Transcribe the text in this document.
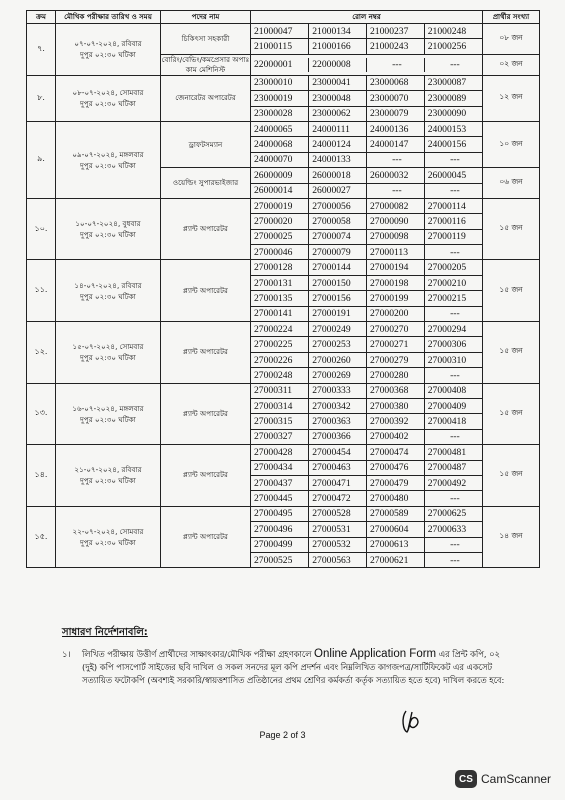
ক্রম	মৌখিক পরীক্ষার তারিখ ও সময়	পদের নাম	রোল নম্বর	প্রার্থীর সংখ্যা
৭.	০৭-০৭-২০২৪, রবিবার
দুপুর ০২:৩০ ঘটিকা
	চিকিৎসা সহকারী	
21000047	21000134	21000237	21000248
21000115	21000166	21000243	21000256
	০৮ জন
বোরিং/বেভিং/কমপ্রেসার অপাঃ কাম মেশিনিস্ট		22000001	22000008	---	---
		০২ জন
৮.	০৮-০৭-২০২৪, সোমবার
দুপুর ০২:৩০ ঘটিকা
	জেনারেটর অপারেটর	
23000010	23000041	23000068	23000087
23000019	23000048	23000070	23000089
23000028	23000062	23000079	23000090
	১২ জন
৯.	০৯-০৭-২০২৪, মঙ্গলবার
দুপুর ০২:৩০ ঘটিকা
	ড্রাফটসম্যান	
24000065	24000111	24000136	24000153
24000068	24000124	24000147	24000156
24000070	24000133	---	---
	১০ জন
ওয়েল্ডিং সুপারভাইজার	
26000009	26000018	26000032	26000045
26000014	26000027	---	---
	০৬ জন
১০.	১০-০৭-২০২৪, বুধবার
দুপুর ০২:৩০ ঘটিকা
	প্ল্যান্ট অপারেটর	
27000019	27000056	27000082	27000114
27000020	27000058	27000090	27000116
27000025	27000074	27000098	27000119
27000046	27000079	27000113	---
	১৫ জন
১১.	১৪-০৭-২০২৪, রবিবার
দুপুর ০২:৩০ ঘটিকা
	প্ল্যান্ট অপারেটর	
27000128	27000144	27000194	27000205
27000131	27000150	27000198	27000210
27000135	27000156	27000199	27000215
27000141	27000191	27000200	---
	১৫ জন
১২.	১৫-০৭-২০২৪, সোমবার
দুপুর ০২:৩০ ঘটিকা
	প্ল্যান্ট অপারেটর	
27000224	27000249	27000270	27000294
27000225	27000253	27000271	27000306
27000226	27000260	27000279	27000310
27000248	27000269	27000280	---
	১৫ জন
১৩.	১৬-০৭-২০২৪, মঙ্গলবার
দুপুর ০২:৩০ ঘটিকা
	প্ল্যান্ট অপারেটর	
27000311	27000333	27000368	27000408
27000314	27000342	27000380	27000409
27000315	27000363	27000392	27000418
27000327	27000366	27000402	---
	১৫ জন
১৪.	২১-০৭-২০২৪, রবিবার
দুপুর ০২:৩০ ঘটিকা
	প্ল্যান্ট অপারেটর	
27000428	27000454	27000474	27000481
27000434	27000463	27000476	27000487
27000437	27000471	27000479	27000492
27000445	27000472	27000480	---
	১৫ জন
১৫.	২২-০৭-২০২৪, সোমবার
দুপুর ০২:৩০ ঘটিকা
	প্ল্যান্ট অপারেটর	
27000495	27000528	27000589	27000625
27000496	27000531	27000604	27000633
27000499	27000532	27000613	---
27000525	27000563	27000621	---
	১৪ জন
সাধারণ নির্দেশনাবলি:
১।	লিখিত পরীক্ষায় উত্তীর্ণ প্রার্থীদের সাক্ষাৎকার/মৌখিক পরীক্ষা গ্রহণকালে Online Application Form এর প্রিন্ট কপি, ০২ (দুই) কপি পাসপোর্ট সাইজের ছবি দাখিল ও সকল সনদের মূল কপি প্রদর্শন এবং নিম্নলিখিত কাগজপত্র/সার্টিফিকেট এর একসেট সত্যায়িত ফটোকপি (অবশ্যই সরকারি/স্বায়ত্তশাসিত প্রতিষ্ঠানের প্রথম শ্রেণির কর্মকর্তা কর্তৃক সত্যায়িত হতে হবে) দাখিল করতে হবে:
Page 2 of 3
CS CamScanner
